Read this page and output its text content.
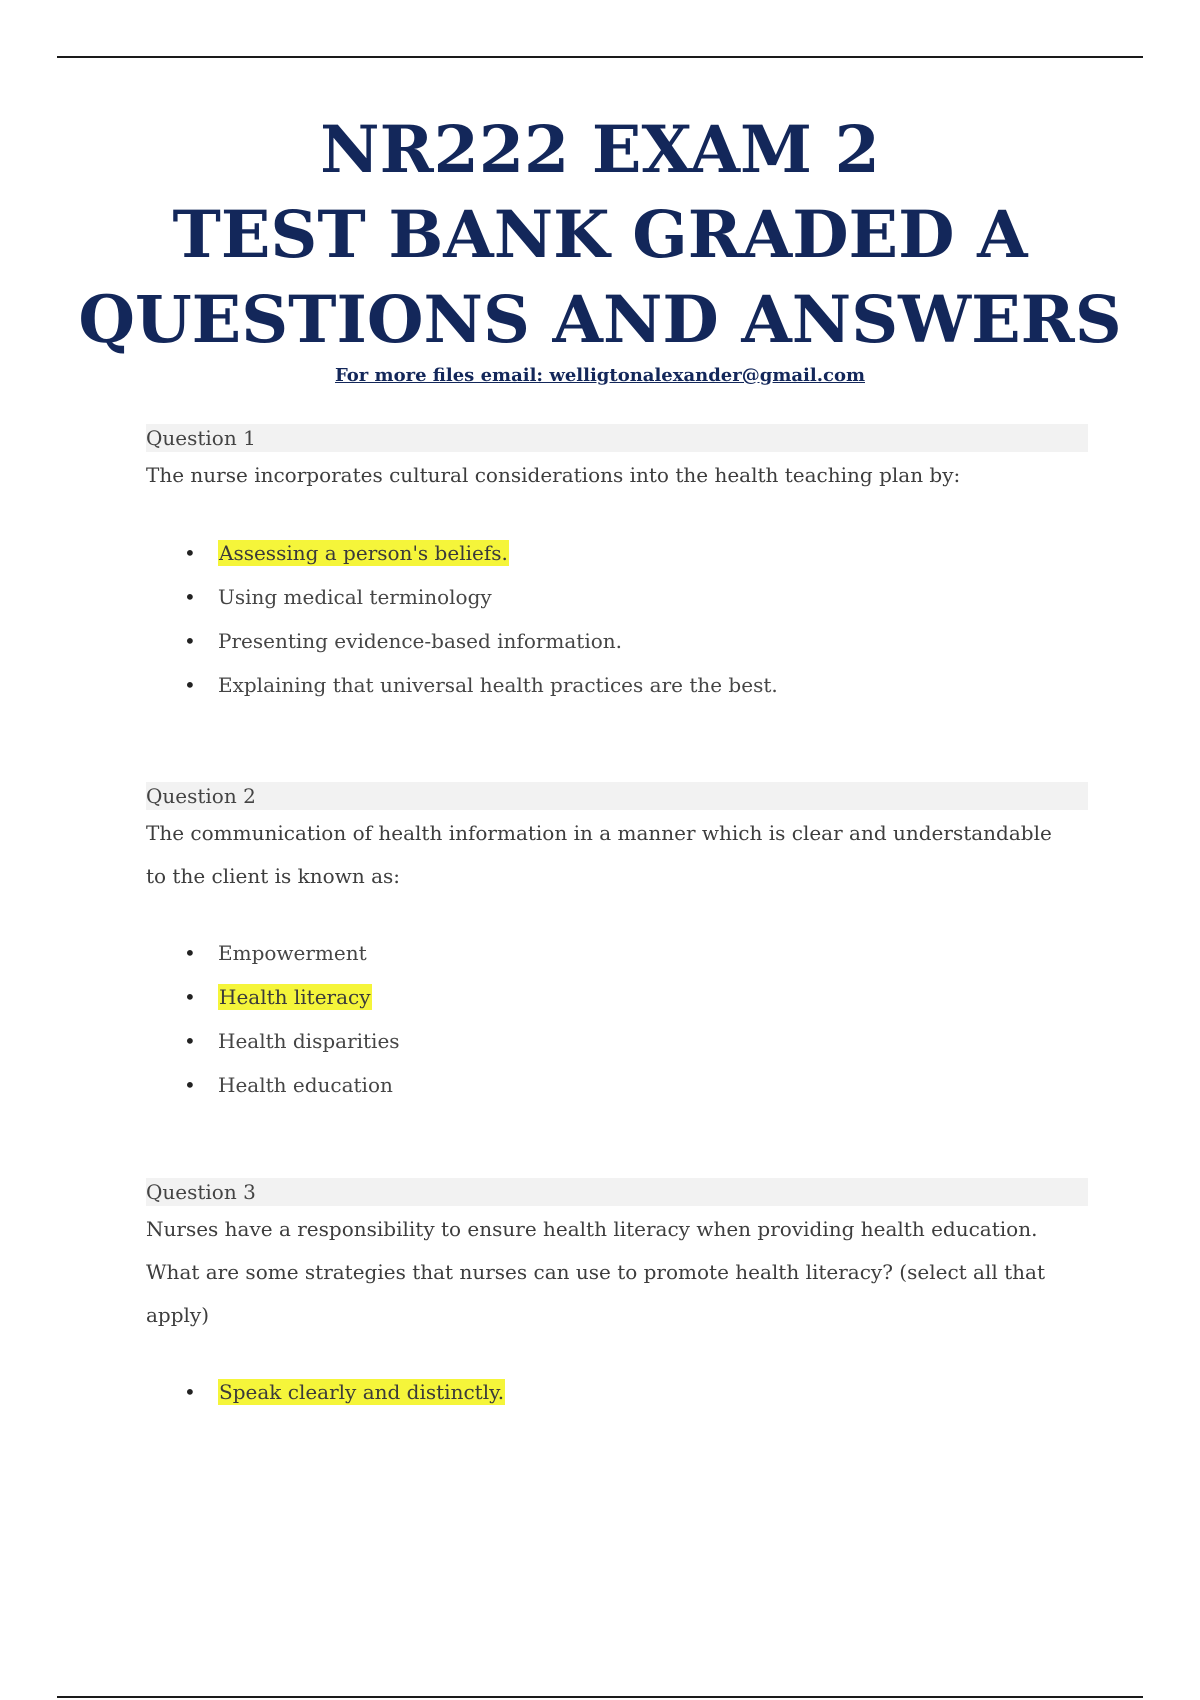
NR222 EXAM 2
TEST BANK GRADED A
QUESTIONS AND ANSWERS
For more files email: welligtonalexander@gmail.com
Question 1
The nurse incorporates cultural considerations into the health teaching plan by:
• Assessing a person's beliefs.
• Using medical terminology
• Presenting evidence-based information.
• Explaining that universal health practices are the best.
Question 2
The communication of health information in a manner which is clear and understandable
to the client is known as:
• Empowerment
• Health literacy
• Health disparities
• Health education
Question 3
Nurses have a responsibility to ensure health literacy when providing health education.
What are some strategies that nurses can use to promote health literacy? (select all that
apply)
• Speak clearly and distinctly.
